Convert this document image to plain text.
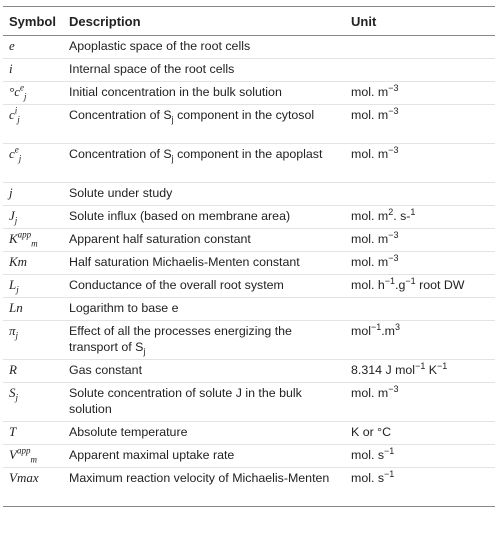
Symbol	Description	Unit
e	Apoplastic space of the root cells	
i	Internal space of the root cells	
$^\circ c^e_j$	Initial concentration in the bulk solution	mol. $m^{-3}$
$c^i_j$	Concentration of $S_j$ component in the cytosol	mol. $m^{-3}$
$c^e_j$	Concentration of $S_j$ component in the apoplast	mol. $m^{-3}$
j	Solute under study	
$J_j$	Solute influx (based on membrane area)	mol. $m^2$. s-$^1$
$K^{app}_m$	Apparent half saturation constant	mol. $m^{-3}$
Km	Half saturation Michaelis-Menten constant	mol. $m^{-3}$
$L_j$	Conductance of the overall root system	mol. $h^{-1}.g^{-1}$ root DW
Ln	Logarithm to base e	
$\pi_j$	Effect of all the processes energizing the transport of $S_j$	$mol^{-1}.m^3$
R	Gas constant	8.314 J mol$^{-1}$ $K^{-1}$
$S_j$	Solute concentration of solute J in the bulk solution	mol. $m^{-3}$
T	Absolute temperature	K or °C
$V^{app}_m$	Apparent maximal uptake rate	mol. $s^{-1}$
Vmax	Maximum reaction velocity of Michaelis-Menten	mol. $s^{-1}$
